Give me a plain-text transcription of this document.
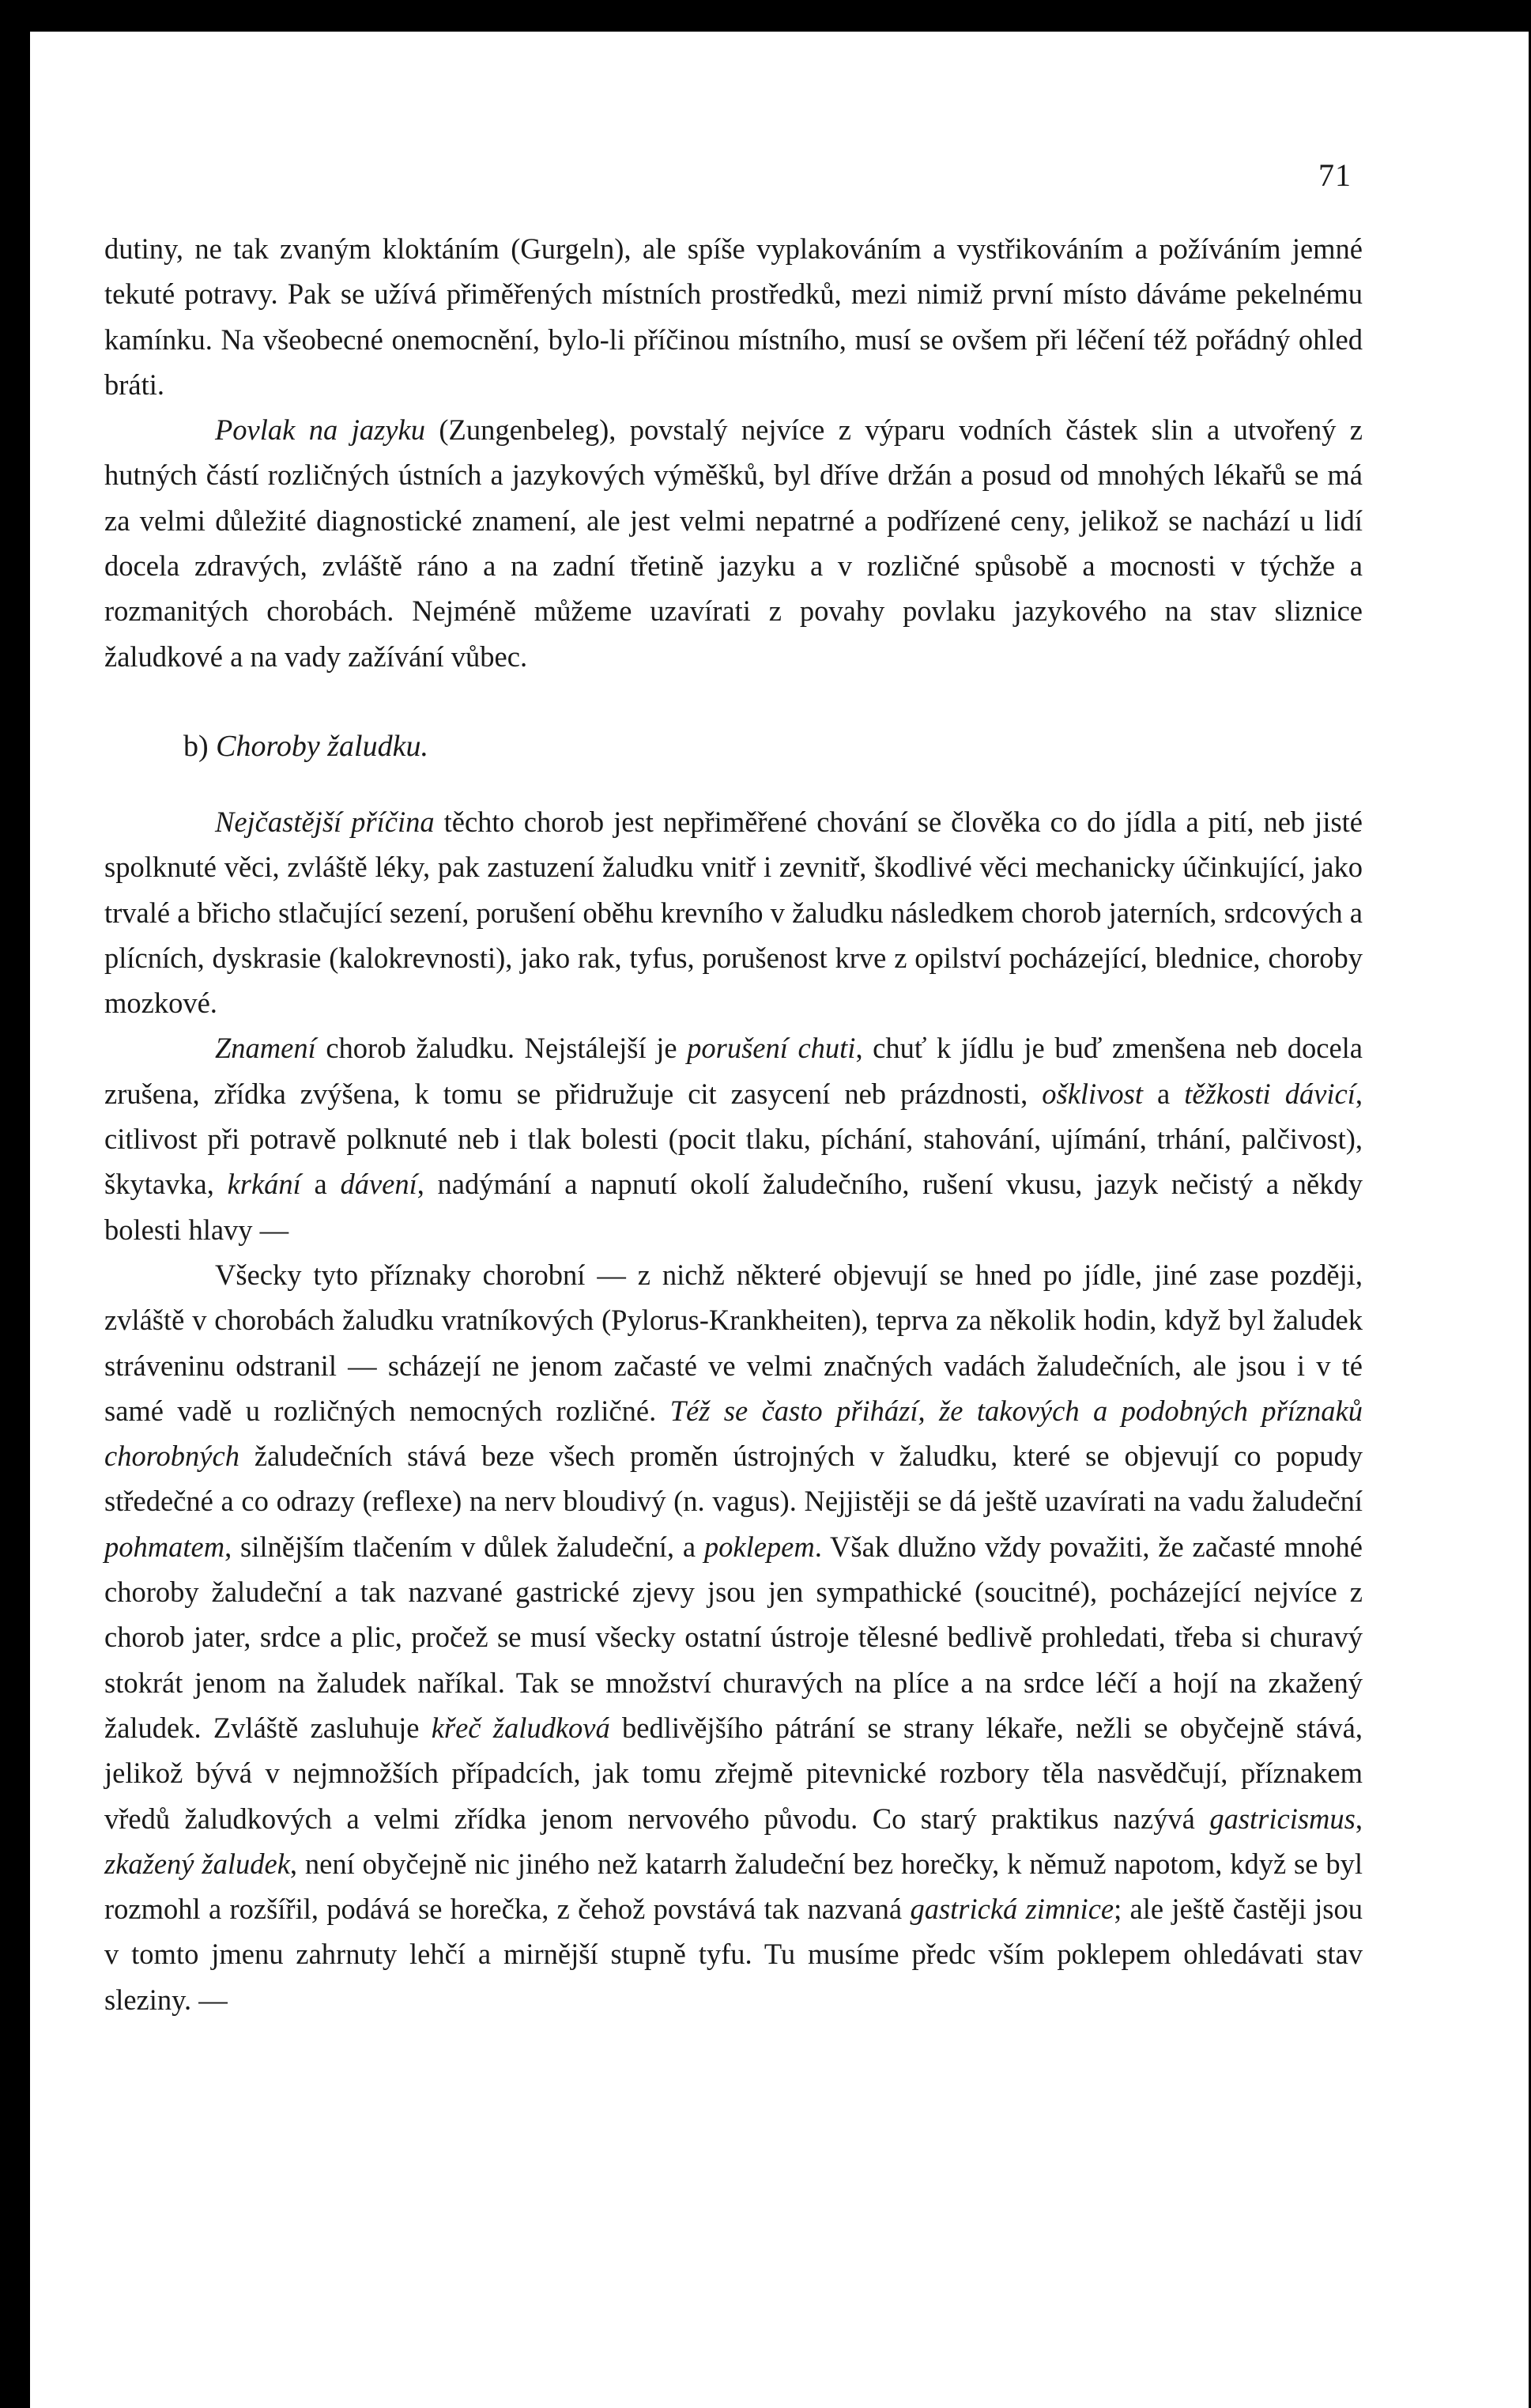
71

dutiny, ne tak zvaným kloktáním (Gurgeln), ale spíše vyplakováním a vystřikováním a požíváním jemné tekuté potravy. Pak se užívá přiměřených místních prostředků, mezi nimiž první místo dáváme pekelnému kamínku. Na všeobecné onemocnění, bylo-li příčinou místního, musí se ovšem při léčení též pořádný ohled bráti.

Povlak na jazyku (Zungenbeleg), povstalý nejvíce z výparu vodních částek slin a utvořený z hutných částí rozličných ústních a jazykových výměšků, byl dříve držán a posud od mnohých lékařů se má za velmi důležité diagnostické znamení, ale jest velmi nepatrné a podřízené ceny, jelikož se nachází u lidí docela zdravých, zvláště ráno a na zadní třetině jazyku a v rozličné spůsobě a mocnosti v týchže a rozmanitých chorobách. Nejméně můžeme uzavírati z povahy povlaku jazykového na stav sliznice žaludkové a na vady zažívání vůbec.

b) Choroby žaludku.

Nejčastější příčina těchto chorob jest nepřiměřené chování se člověka co do jídla a pití, neb jisté spolknuté věci, zvláště léky, pak zastuzení žaludku vnitř i zevnitř, škodlivé věci mechanicky účinkující, jako trvalé a břicho stlačující sezení, porušení oběhu krevního v žaludku následkem chorob jaterních, srdcových a plícních, dyskrasie (kalokrevnosti), jako rak, tyfus, porušenost krve z opilství pocházející, blednice, choroby mozkové.

Znamení chorob žaludku. Nejstálejší je porušení chuti, chuť k jídlu je buď zmenšena neb docela zrušena, zřídka zvýšena, k tomu se přidružuje cit zasycení neb prázdnosti, ošklivost a těžkosti dávicí, citlivost při potravě polknuté neb i tlak bolesti (pocit tlaku, píchání, stahování, ujímání, trhání, palčivost), škytavka, krkání a dávení, nadýmání a napnutí okolí žaludečního, rušení vkusu, jazyk nečistý a někdy bolesti hlavy —

Všecky tyto příznaky chorobní — z nichž některé objevují se hned po jídle, jiné zase později, zvláště v chorobách žaludku vratníkových (Pylorus-Krankheiten), teprva za několik hodin, když byl žaludek stráveninu odstranil — scházejí ne jenom začasté ve velmi značných vadách žaludečních, ale jsou i v té samé vadě u rozličných nemocných rozličné. Též se často přihází, že takových a podobných příznaků chorobných žaludečních stává beze všech proměn ústrojných v žaludku, které se objevují co popudy středečné a co odrazy (reflexe) na nerv bloudivý (n. vagus). Nejjistěji se dá ještě uzavírati na vadu žaludeční pohmatem, silnějším tlačením v důlek žaludeční, a poklepem. Však dlužno vždy považiti, že začasté mnohé choroby žaludeční a tak nazvané gastrické zjevy jsou jen sympathické (soucitné), pocházející nejvíce z chorob jater, srdce a plic, pročež se musí všecky ostatní ústroje tělesné bedlivě prohledati, třeba si churavý stokrát jenom na žaludek naříkal. Tak se množství churavých na plíce a na srdce léčí a hojí na zkažený žaludek. Zvláště zasluhuje křeč žaludková bedlivějšího pátrání se strany lékaře, nežli se obyčejně stává, jelikož bývá v nejmnožších případcích, jak tomu zřejmě pitevnické rozbory těla nasvědčují, příznakem vředů žaludkových a velmi zřídka jenom nervového původu. Co starý praktikus nazývá gastricismus, zkažený žaludek, není obyčejně nic jiného než katarrh žaludeční bez horečky, k němuž napotom, když se byl rozmohl a rozšířil, podává se horečka, z čehož povstává tak nazvaná gastrická zimnice; ale ještě častěji jsou v tomto jmenu zahrnuty lehčí a mirnější stupně tyfu. Tu musíme předc vším poklepem ohledávati stav sleziny. —
